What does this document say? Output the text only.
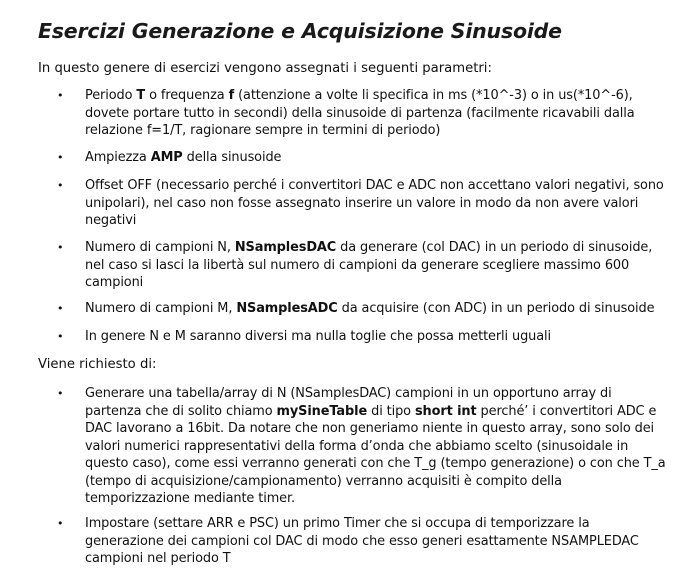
Esercizi Generazione e Acquisizione Sinusoide

In questo genere di esercizi vengono assegnati i seguenti parametri:

•

Periodo T o frequenza f (attenzione a volte li specifica in ms (*10^-3) o in us(*10^-6), dovete portare tutto in secondi) della sinusoide di partenza (facilmente ricavabili dalla relazione f=1/T, ragionare sempre in termini di periodo)

•

Ampiezza AMP della sinusoide

•

Offset OFF (necessario perché i convertitori DAC e ADC non accettano valori negativi, sono unipolari), nel caso non fosse assegnato inserire un valore in modo da non avere valori negativi

•

Numero di campioni N, NSamplesDAC da generare (col DAC) in un periodo di sinusoide, nel caso si lasci la libertà sul numero di campioni da generare scegliere massimo 600 campioni

•

Numero di campioni M, NSamplesADC da acquisire (con ADC) in un periodo di sinusoide

•

In genere N e M saranno diversi ma nulla toglie che possa metterli uguali

Viene richiesto di:

•

Generare una tabella/array di N (NSamplesDAC) campioni in un opportuno array di partenza che di solito chiamo mySineTable di tipo short int perché’ i convertitori ADC e DAC lavorano a 16bit. Da notare che non generiamo niente in questo array, sono solo dei valori numerici rappresentativi della forma d’onda che abbiamo scelto (sinusoidale in questo caso), come essi verranno generati con che T_g (tempo generazione) o con che T_a (tempo di acquisizione/campionamento) verranno acquisiti è compito della temporizzazione mediante timer.

•

Impostare (settare ARR e PSC) un primo Timer che si occupa di temporizzare la generazione dei campioni col DAC di modo che esso generi esattamente NSAMPLEDAC campioni nel periodo T
